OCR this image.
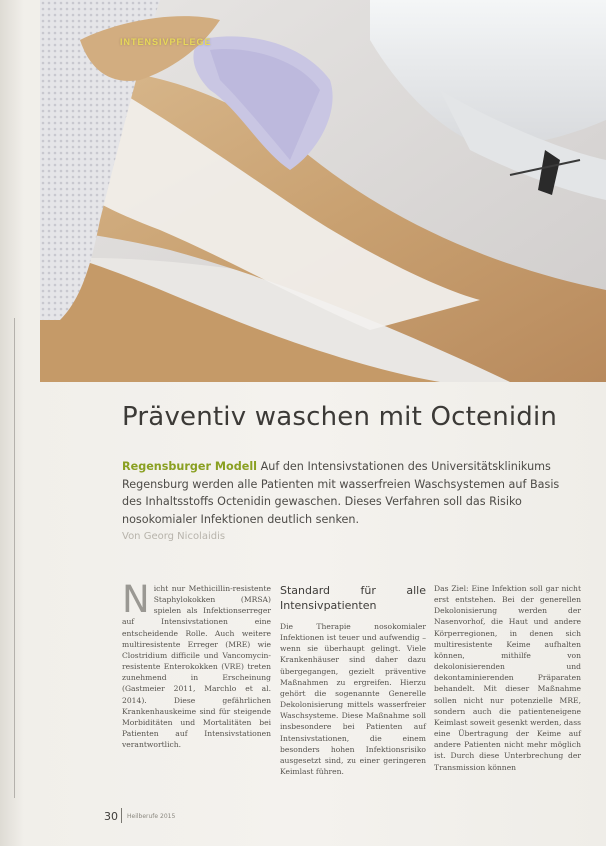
INTENSIVPFLEGE
Präventiv waschen mit Octenidin
Regensburger Modell Auf den Intensivstationen des Universitätsklinikums Regensburg werden alle Patienten mit wasserfreien Waschsystemen auf Basis des Inhaltsstoffs Octenidin gewaschen. Dieses Verfahren soll das Risiko nosokomialer Infektionen deutlich senken.
Von Georg Nicolaidis
N icht nur Methicillin-resistente Staphylokokken (MRSA) spielen als Infektionserreger auf Intensivstationen eine entscheidende Rolle. Auch weitere multiresistente Erreger (MRE) wie Clostridium difficile und Vancomycin-resistente Enterokokken (VRE) treten zunehmend in Erscheinung (Gastmeier 2011, Marchlo et al. 2014). Diese gefährlichen Krankenhauskeime sind für steigende Morbiditäten und Mortalitäten bei Patienten auf Intensivstationen verantwortlich.

Standard für alle Intensivpatienten

Die Therapie nosokomialer Infektionen ist teuer und aufwendig – wenn sie überhaupt gelingt. Viele Krankenhäuser sind daher dazu übergegangen, gezielt präventive Maßnahmen zu ergreifen. Hierzu gehört die sogenannte Generelle Dekolonisierung mittels wasserfreier Waschsysteme. Diese Maßnahme soll insbesondere bei Patienten auf Intensivstationen, die einem besonders hohen Infektionsrisiko ausgesetzt sind, zu einer geringeren Keimlast führen.

Das Ziel: Eine Infektion soll gar nicht erst entstehen. Bei der generellen Dekolonisierung werden der Nasenvorhof, die Haut und andere Körperregionen, in denen sich multiresistente Keime aufhalten können, mithilfe von dekolonisierenden und dekontaminierenden Präparaten behandelt. Mit dieser Maßnahme sollen nicht nur potenzielle MRE, sondern auch die patienteneigene Keimlast soweit gesenkt werden, dass eine Übertragung der Keime auf andere Patienten nicht mehr möglich ist. Durch diese Unterbrechung der Transmission können

30 Heilberufe 2015
